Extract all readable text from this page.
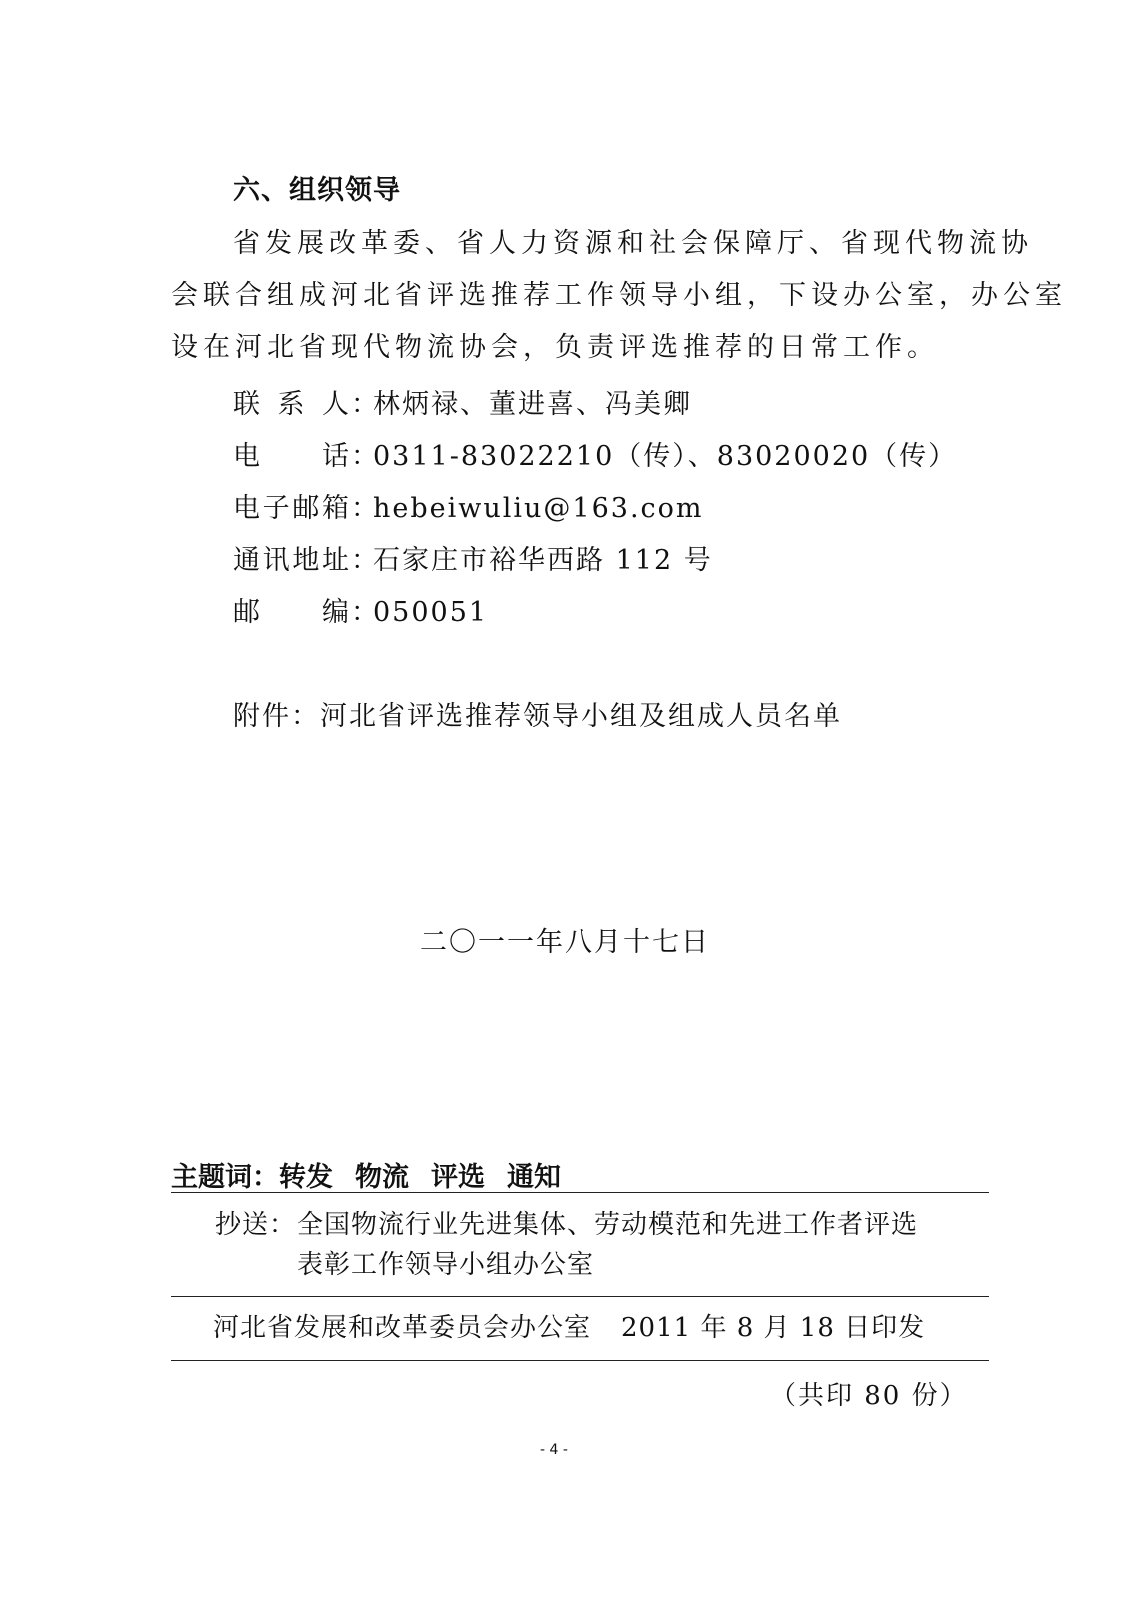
六、组织领导
省发展改革委、省人力资源和社会保障厅、省现代物流协
会联合组成河北省评选推荐工作领导小组，下设办公室，办公室
设在河北省现代物流协会，负责评选推荐的日常工作。
联系人：林炳禄、董进喜、冯美卿
电话：0311-83022210（传）、83020020（传）
电子邮箱：hebeiwuliu@163.com
通讯地址：石家庄市裕华西路 112 号
邮编：050051
附件：河北省评选推荐领导小组及组成人员名单
二〇一一年八月十七日
主题词：转发 物流 评选 通知
抄送：全国物流行业先进集体、劳动模范和先进工作者评选
表彰工作领导小组办公室
河北省发展和改革委员会办公室 2011 年 8 月 18 日印发
（共印 80 份）
- 4 -
